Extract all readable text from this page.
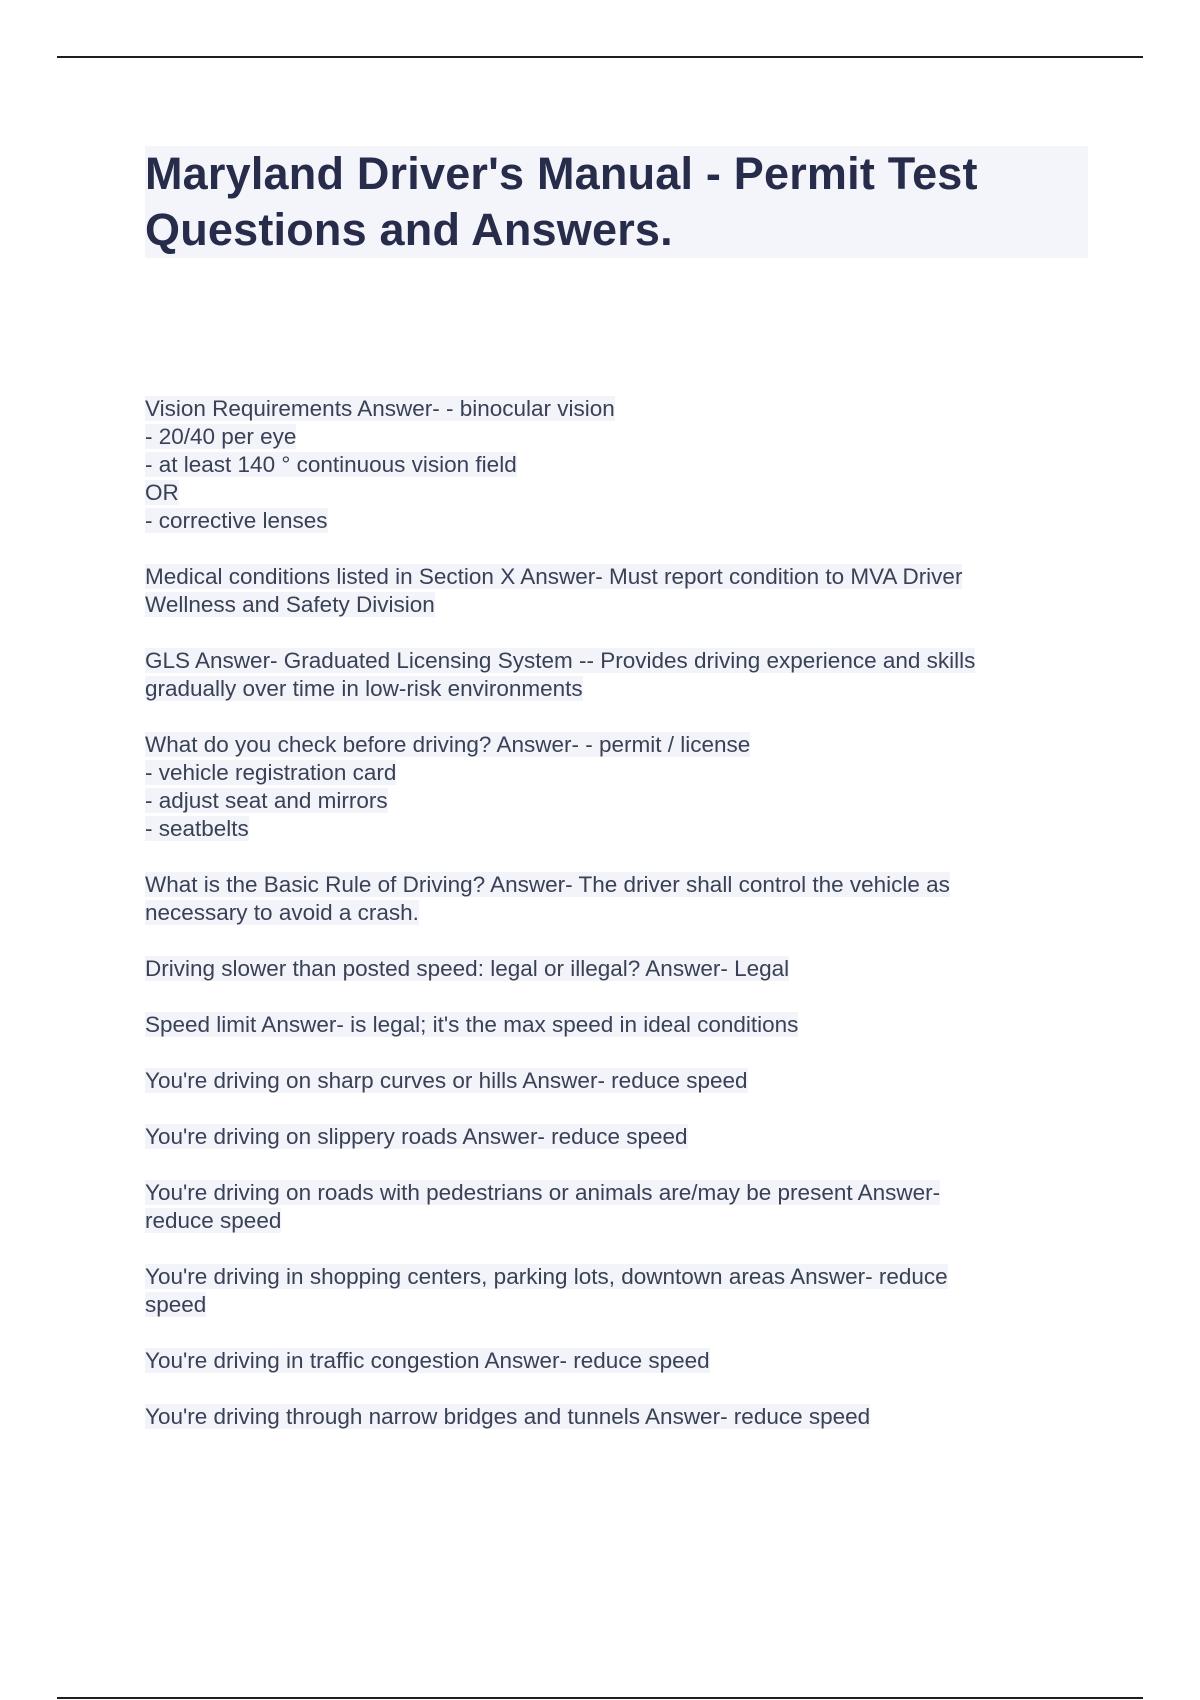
Maryland Driver's Manual - Permit Test Questions and Answers.
Vision Requirements Answer- - binocular vision
- 20/40 per eye
- at least 140 ° continuous vision field
OR
- corrective lenses
Medical conditions listed in Section X Answer- Must report condition to MVA Driver
Wellness and Safety Division
GLS Answer- Graduated Licensing System -- Provides driving experience and skills
gradually over time in low-risk environments
What do you check before driving? Answer- - permit / license
- vehicle registration card
- adjust seat and mirrors
- seatbelts
What is the Basic Rule of Driving? Answer- The driver shall control the vehicle as
necessary to avoid a crash.
Driving slower than posted speed: legal or illegal? Answer- Legal
Speed limit Answer- is legal; it's the max speed in ideal conditions
You're driving on sharp curves or hills Answer- reduce speed
You're driving on slippery roads Answer- reduce speed
You're driving on roads with pedestrians or animals are/may be present Answer-
reduce speed
You're driving in shopping centers, parking lots, downtown areas Answer- reduce
speed
You're driving in traffic congestion Answer- reduce speed
You're driving through narrow bridges and tunnels Answer- reduce speed
